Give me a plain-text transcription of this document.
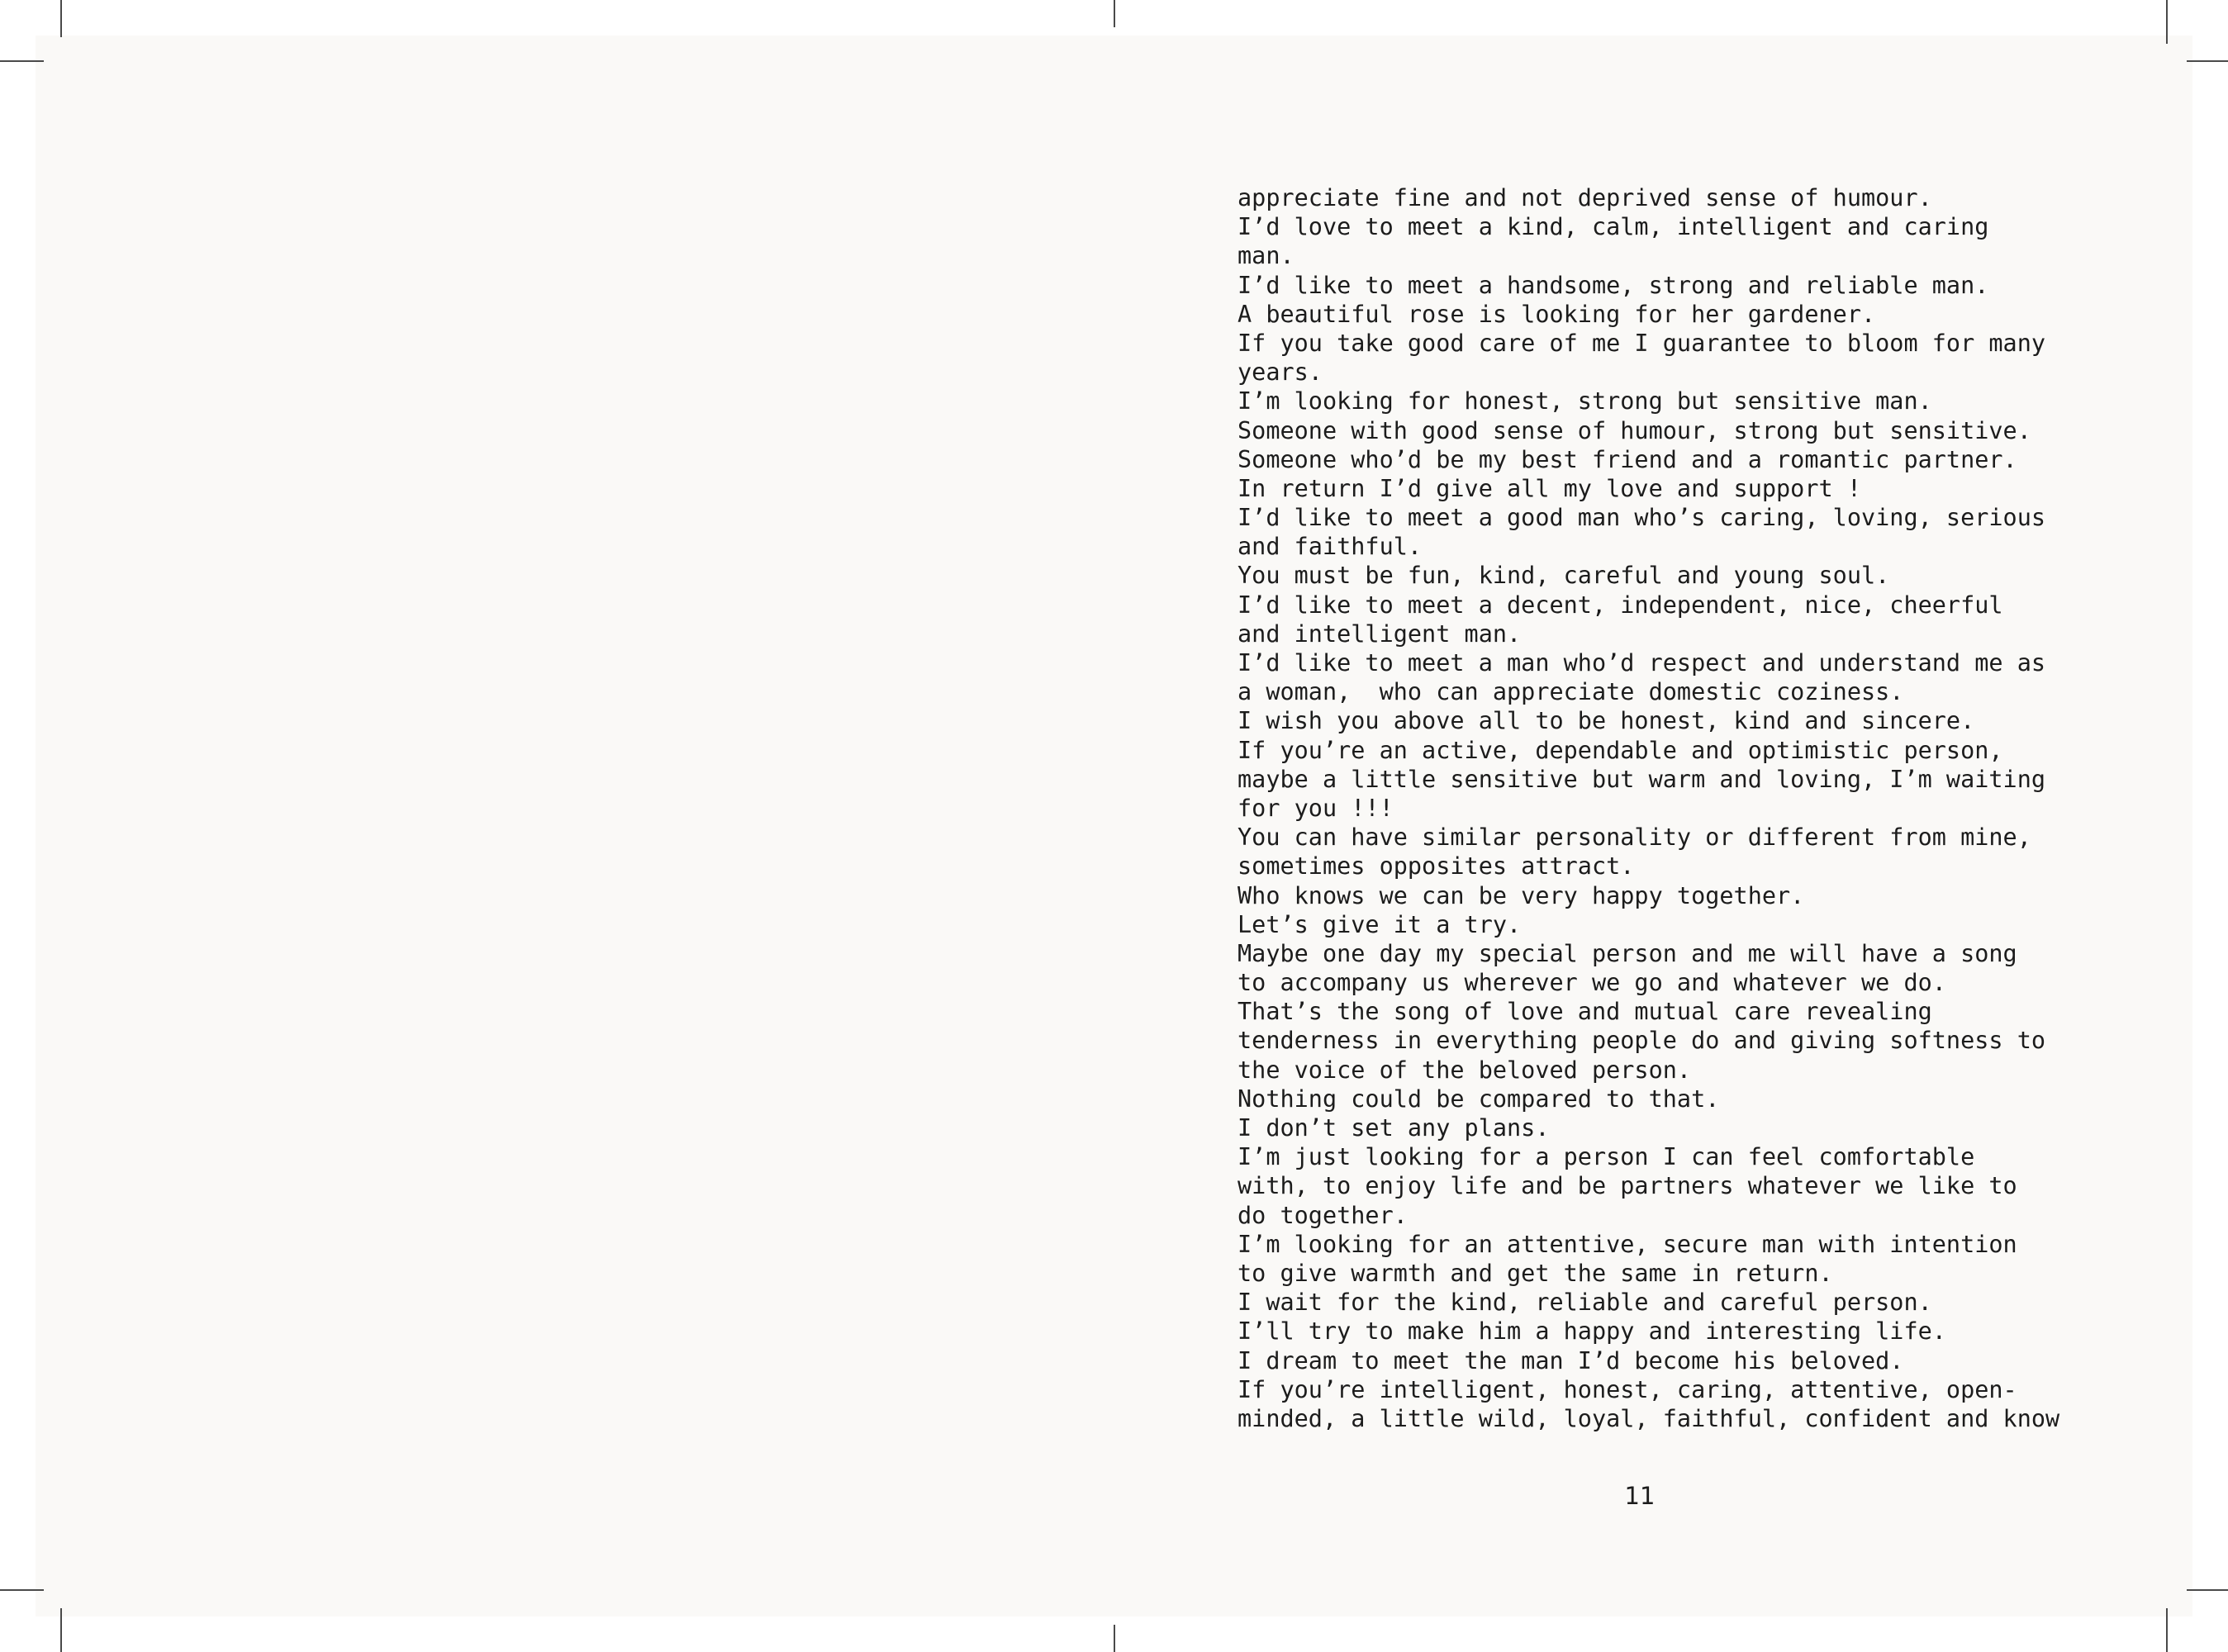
appreciate fine and not deprived sense of humour.
I’d love to meet a kind, calm, intelligent and caring
man.
I’d like to meet a handsome, strong and reliable man.
A beautiful rose is looking for her gardener.
If you take good care of me I guarantee to bloom for many
years.
I’m looking for honest, strong but sensitive man.
Someone with good sense of humour, strong but sensitive.
Someone who’d be my best friend and a romantic partner.
In return I’d give all my love and support !
I’d like to meet a good man who’s caring, loving, serious
and faithful.
You must be fun, kind, careful and young soul.
I’d like to meet a decent, independent, nice, cheerful
and intelligent man.
I’d like to meet a man who’d respect and understand me as
a woman,  who can appreciate domestic coziness.
I wish you above all to be honest, kind and sincere.
If you’re an active, dependable and optimistic person,
maybe a little sensitive but warm and loving, I’m waiting
for you !!!
You can have similar personality or different from mine,
sometimes opposites attract.
Who knows we can be very happy together.
Let’s give it a try.
Maybe one day my special person and me will have a song
to accompany us wherever we go and whatever we do.
That’s the song of love and mutual care revealing
tenderness in everything people do and giving softness to
the voice of the beloved person.
Nothing could be compared to that.
I don’t set any plans.
I’m just looking for a person I can feel comfortable
with, to enjoy life and be partners whatever we like to
do together.
I’m looking for an attentive, secure man with intention
to give warmth and get the same in return.
I wait for the kind, reliable and careful person.
I’ll try to make him a happy and interesting life.
I dream to meet the man I’d become his beloved.
If you’re intelligent, honest, caring, attentive, open-
minded, a little wild, loyal, faithful, confident and know
11
